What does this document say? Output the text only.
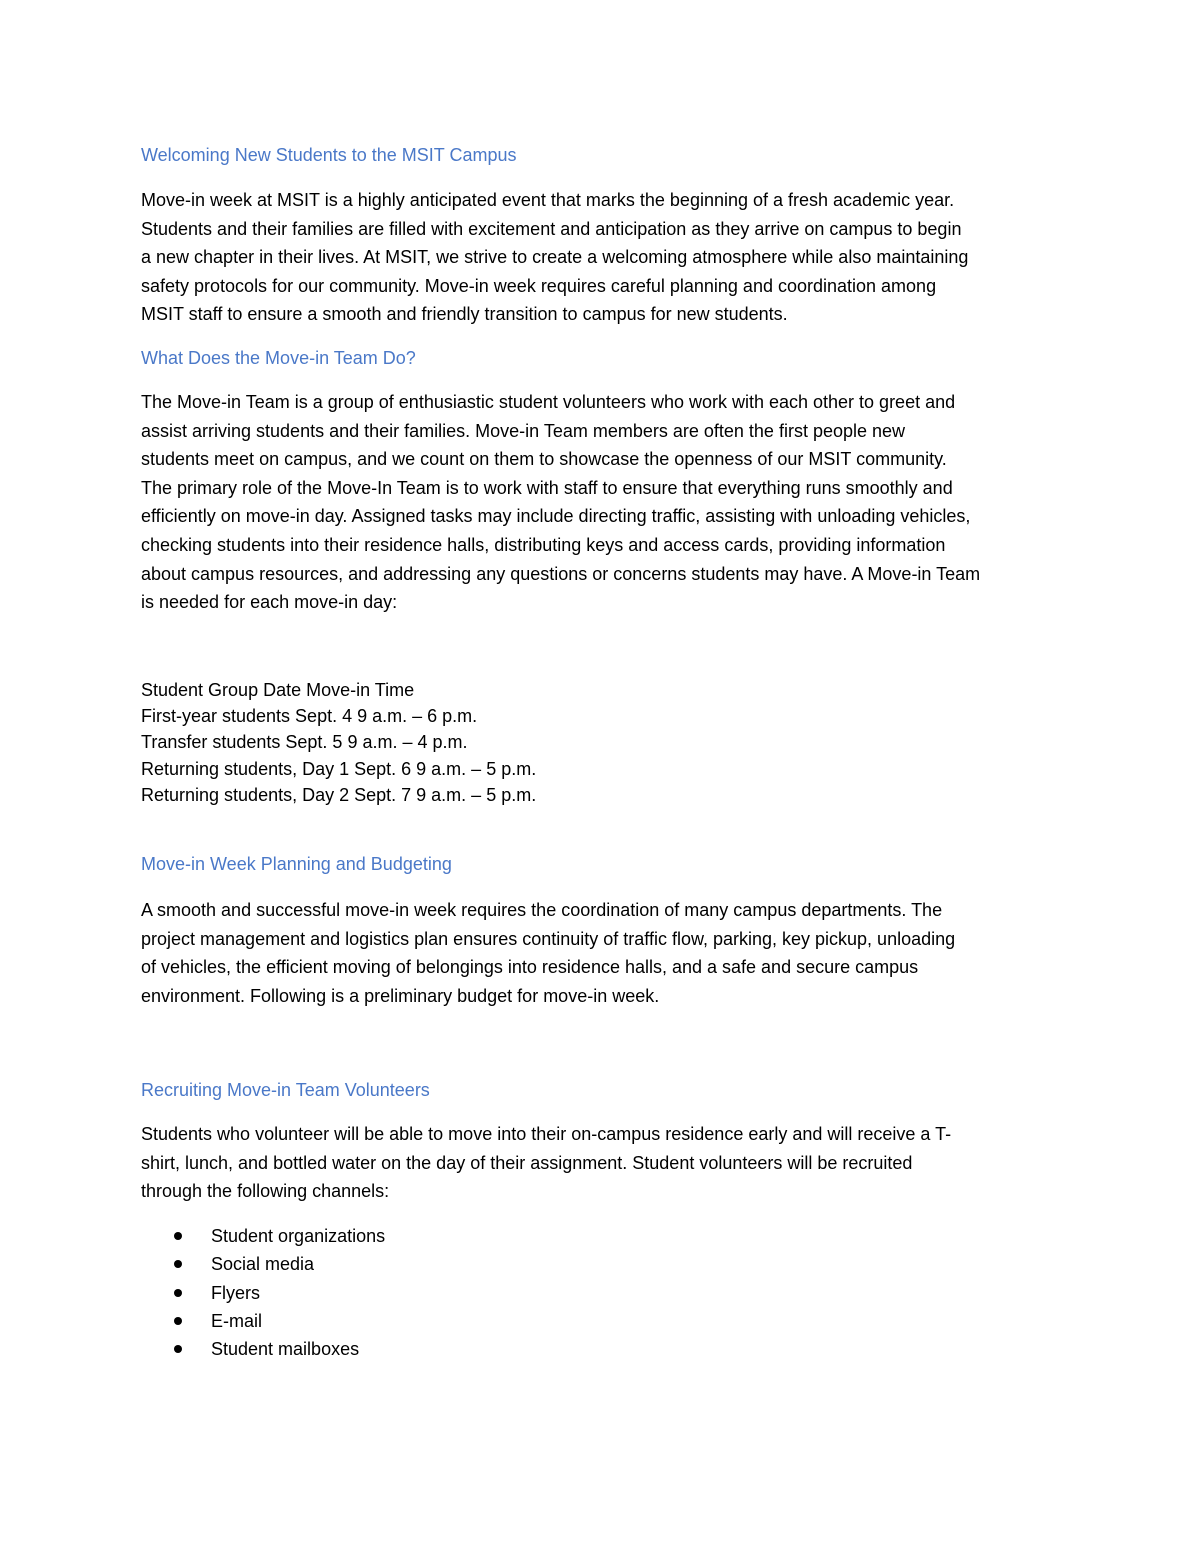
Welcoming New Students to the MSIT Campus
Move-in week at MSIT is a highly anticipated event that marks the beginning of a fresh academic year.
Students and their families are filled with excitement and anticipation as they arrive on campus to begin
a new chapter in their lives. At MSIT, we strive to create a welcoming atmosphere while also maintaining
safety protocols for our community. Move-in week requires careful planning and coordination among
MSIT staff to ensure a smooth and friendly transition to campus for new students.
What Does the Move-in Team Do?
The Move-in Team is a group of enthusiastic student volunteers who work with each other to greet and
assist arriving students and their families. Move-in Team members are often the first people new
students meet on campus, and we count on them to showcase the openness of our MSIT community.
The primary role of the Move-In Team is to work with staff to ensure that everything runs smoothly and
efficiently on move-in day. Assigned tasks may include directing traffic, assisting with unloading vehicles,
checking students into their residence halls, distributing keys and access cards, providing information
about campus resources, and addressing any questions or concerns students may have. A Move-in Team
is needed for each move-in day:
Student Group Date Move-in Time
First-year students Sept. 4 9 a.m. – 6 p.m.
Transfer students Sept. 5 9 a.m. – 4 p.m.
Returning students, Day 1 Sept. 6 9 a.m. – 5 p.m.
Returning students, Day 2 Sept. 7 9 a.m. – 5 p.m.
Move-in Week Planning and Budgeting
A smooth and successful move-in week requires the coordination of many campus departments. The
project management and logistics plan ensures continuity of traffic flow, parking, key pickup, unloading
of vehicles, the efficient moving of belongings into residence halls, and a safe and secure campus
environment. Following is a preliminary budget for move-in week.
Recruiting Move-in Team Volunteers
Students who volunteer will be able to move into their on-campus residence early and will receive a T-
shirt, lunch, and bottled water on the day of their assignment. Student volunteers will be recruited
through the following channels:
Student organizations
Social media
Flyers
E-mail
Student mailboxes
